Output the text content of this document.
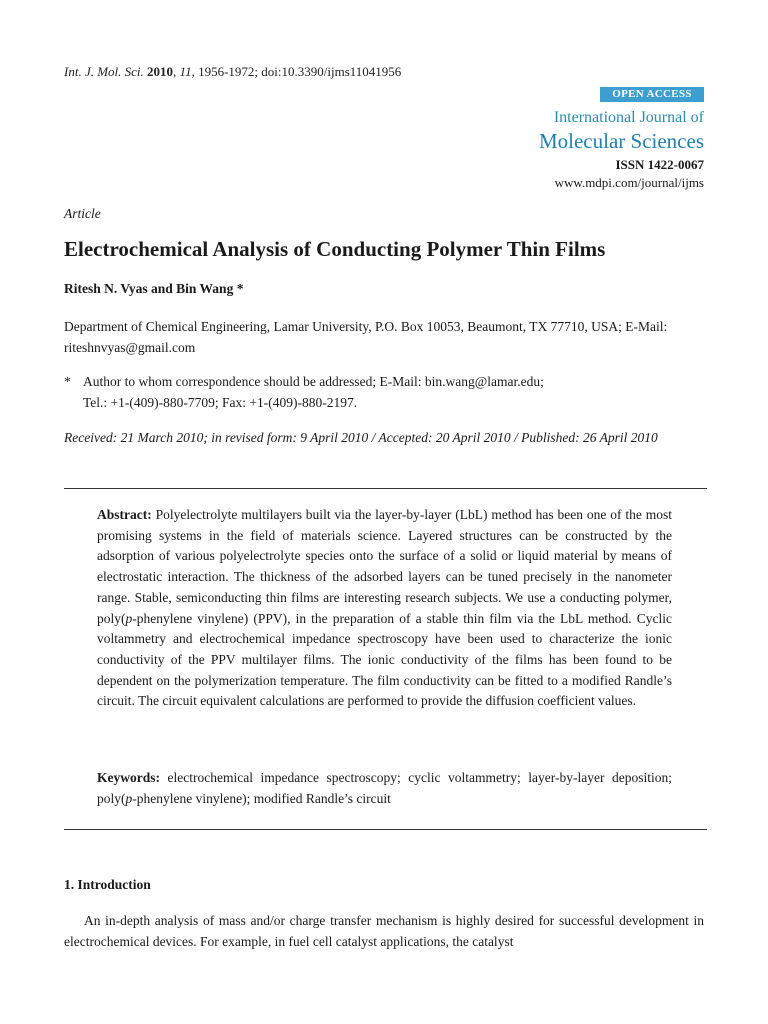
Int. J. Mol. Sci. 2010, 11, 1956-1972; doi:10.3390/ijms11041956
OPEN ACCESS
International Journal of
Molecular Sciences
ISSN 1422-0067
www.mdpi.com/journal/ijms
Article
Electrochemical Analysis of Conducting Polymer Thin Films
Ritesh N. Vyas and Bin Wang *
Department of Chemical Engineering, Lamar University, P.O. Box 10053, Beaumont, TX 77710, USA; E-Mail: riteshnvyas@gmail.com
* Author to whom correspondence should be addressed; E-Mail: bin.wang@lamar.edu;
Tel.: +1-(409)-880-7709; Fax: +1-(409)-880-2197.
Received: 21 March 2010; in revised form: 9 April 2010 / Accepted: 20 April 2010 / Published: 26 April 2010
Abstract: Polyelectrolyte multilayers built via the layer-by-layer (LbL) method has been one of the most promising systems in the field of materials science. Layered structures can be constructed by the adsorption of various polyelectrolyte species onto the surface of a solid or liquid material by means of electrostatic interaction. The thickness of the adsorbed layers can be tuned precisely in the nanometer range. Stable, semiconducting thin films are interesting research subjects. We use a conducting polymer, poly(p-phenylene vinylene) (PPV), in the preparation of a stable thin film via the LbL method. Cyclic voltammetry and electrochemical impedance spectroscopy have been used to characterize the ionic conductivity of the PPV multilayer films. The ionic conductivity of the films has been found to be dependent on the polymerization temperature. The film conductivity can be fitted to a modified Randle’s circuit. The circuit equivalent calculations are performed to provide the diffusion coefficient values.
Keywords: electrochemical impedance spectroscopy; cyclic voltammetry; layer-by-layer deposition; poly(p-phenylene vinylene); modified Randle’s circuit
1. Introduction
An in-depth analysis of mass and/or charge transfer mechanism is highly desired for successful development in electrochemical devices. For example, in fuel cell catalyst applications, the catalyst
